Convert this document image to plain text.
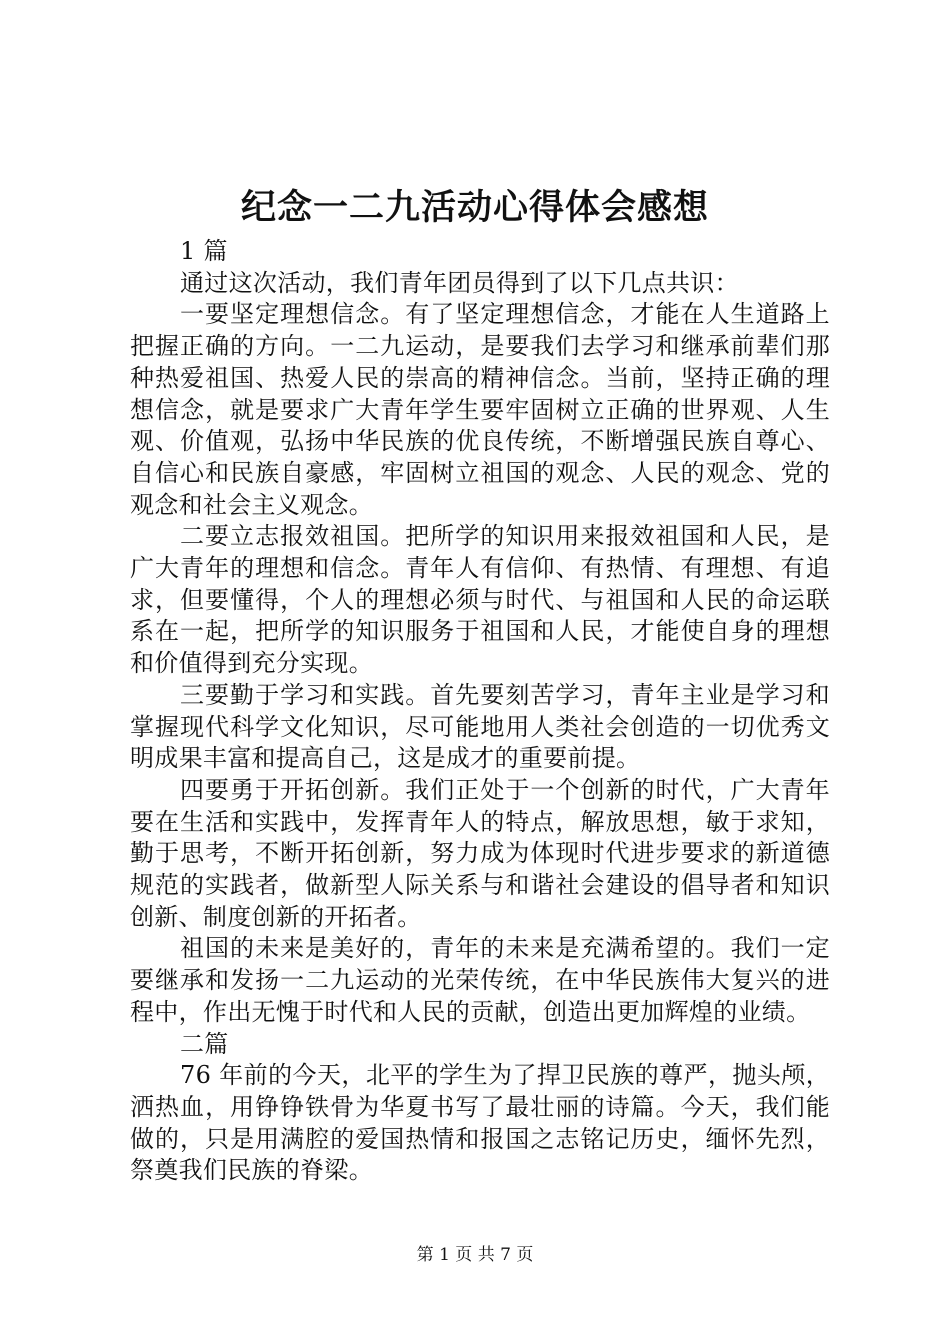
纪念一二九活动心得体会感想

1 篇

通过这次活动，我们青年团员得到了以下几点共识：

一要坚定理想信念。有了坚定理想信念，才能在人生道路上把握正确的方向。一二九运动，是要我们去学习和继承前辈们那种热爱祖国、热爱人民的崇高的精神信念。当前，坚持正确的理想信念，就是要求广大青年学生要牢固树立正确的世界观、人生观、价值观，弘扬中华民族的优良传统，不断增强民族自尊心、自信心和民族自豪感，牢固树立祖国的观念、人民的观念、党的观念和社会主义观念。

二要立志报效祖国。把所学的知识用来报效祖国和人民，是广大青年的理想和信念。青年人有信仰、有热情、有理想、有追求，但要懂得，个人的理想必须与时代、与祖国和人民的命运联系在一起，把所学的知识服务于祖国和人民，才能使自身的理想和价值得到充分实现。

三要勤于学习和实践。首先要刻苦学习，青年主业是学习和掌握现代科学文化知识，尽可能地用人类社会创造的一切优秀文明成果丰富和提高自己，这是成才的重要前提。

四要勇于开拓创新。我们正处于一个创新的时代，广大青年要在生活和实践中，发挥青年人的特点，解放思想，敏于求知，勤于思考，不断开拓创新，努力成为体现时代进步要求的新道德规范的实践者，做新型人际关系与和谐社会建设的倡导者和知识创新、制度创新的开拓者。

祖国的未来是美好的，青年的未来是充满希望的。我们一定要继承和发扬一二九运动的光荣传统，在中华民族伟大复兴的进程中，作出无愧于时代和人民的贡献，创造出更加辉煌的业绩。

二篇

76 年前的今天，北平的学生为了捍卫民族的尊严，抛头颅，洒热血，用铮铮铁骨为华夏书写了最壮丽的诗篇。今天，我们能做的，只是用满腔的爱国热情和报国之志铭记历史，缅怀先烈，祭奠我们民族的脊梁。

第 1 页 共 7 页
